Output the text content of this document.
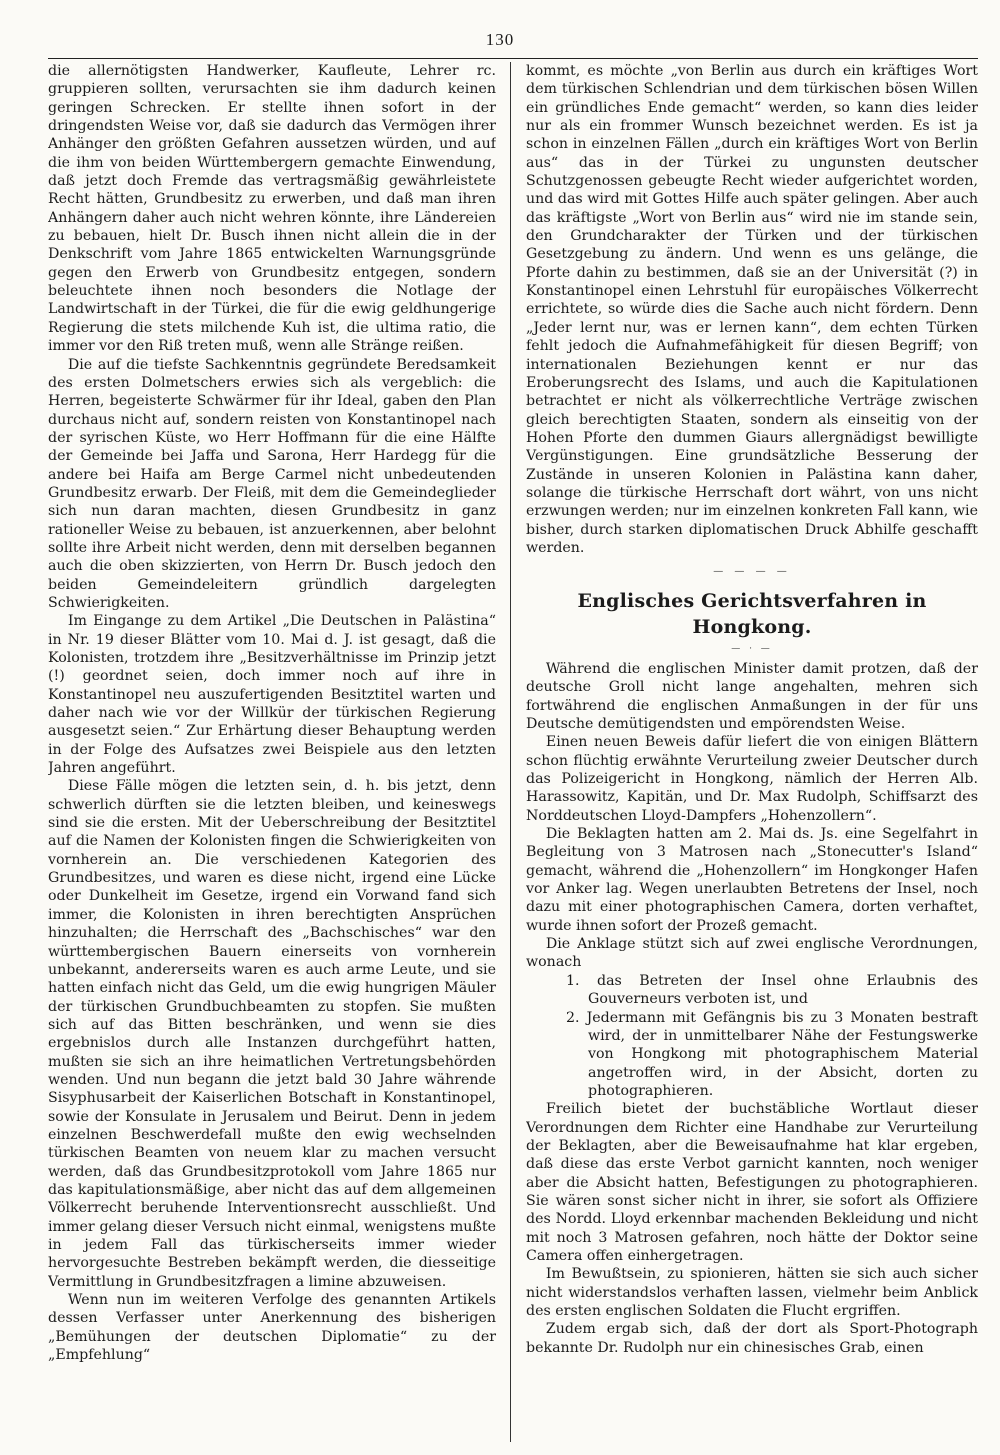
130

die allernötigsten Handwerker, Kaufleute, Lehrer rc. gruppieren sollten, verursachten sie ihm dadurch keinen geringen Schrecken. Er stellte ihnen sofort in der dringendsten Weise vor, daß sie dadurch das Vermögen ihrer Anhänger den größten Gefahren aussetzen würden, und auf die ihm von beiden Württembergern gemachte Einwendung, daß jetzt doch Fremde das vertragsmäßig gewährleistete Recht hätten, Grundbesitz zu erwerben, und daß man ihren Anhängern daher auch nicht wehren könnte, ihre Ländereien zu bebauen, hielt Dr. Busch ihnen nicht allein die in der Denkschrift vom Jahre 1865 entwickelten Warnungsgründe gegen den Erwerb von Grundbesitz entgegen, sondern beleuchtete ihnen noch besonders die Notlage der Landwirtschaft in der Türkei, die für die ewig geldhungerige Regierung die stets milchende Kuh ist, die ultima ratio, die immer vor den Riß treten muß, wenn alle Stränge reißen.

Die auf die tiefste Sachkenntnis gegründete Beredsamkeit des ersten Dolmetschers erwies sich als vergeblich: die Herren, begeisterte Schwärmer für ihr Ideal, gaben den Plan durchaus nicht auf, sondern reisten von Konstantinopel nach der syrischen Küste, wo Herr Hoffmann für die eine Hälfte der Gemeinde bei Jaffa und Sarona, Herr Hardegg für die andere bei Haifa am Berge Carmel nicht unbedeutenden Grundbesitz erwarb. Der Fleiß, mit dem die Gemeindeglieder sich nun daran machten, diesen Grundbesitz in ganz rationeller Weise zu bebauen, ist anzuerkennen, aber belohnt sollte ihre Arbeit nicht werden, denn mit derselben begannen auch die oben skizzierten, von Herrn Dr. Busch jedoch den beiden Gemeindeleitern gründlich dargelegten Schwierigkeiten.

Im Eingange zu dem Artikel „Die Deutschen in Palästina“ in Nr. 19 dieser Blätter vom 10. Mai d. J. ist gesagt, daß die Kolonisten, trotzdem ihre „Besitzverhältnisse im Prinzip jetzt (!) geordnet seien, doch immer noch auf ihre in Konstantinopel neu auszufertigenden Besitztitel warten und daher nach wie vor der Willkür der türkischen Regierung ausgesetzt seien.“ Zur Erhärtung dieser Behauptung werden in der Folge des Aufsatzes zwei Beispiele aus den letzten Jahren angeführt.

Diese Fälle mögen die letzten sein, d. h. bis jetzt, denn schwerlich dürften sie die letzten bleiben, und keineswegs sind sie die ersten. Mit der Ueberschreibung der Besitztitel auf die Namen der Kolonisten fingen die Schwierigkeiten von vornherein an. Die verschiedenen Kategorien des Grundbesitzes, und waren es diese nicht, irgend eine Lücke oder Dunkelheit im Gesetze, irgend ein Vorwand fand sich immer, die Kolonisten in ihren berechtigten Ansprüchen hinzuhalten; die Herrschaft des „Bachschisches“ war den württembergischen Bauern einerseits von vornherein unbekannt, andererseits waren es auch arme Leute, und sie hatten einfach nicht das Geld, um die ewig hungrigen Mäuler der türkischen Grundbuchbeamten zu stopfen. Sie mußten sich auf das Bitten beschränken, und wenn sie dies ergebnislos durch alle Instanzen durchgeführt hatten, mußten sie sich an ihre heimatlichen Vertretungsbehörden wenden. Und nun begann die jetzt bald 30 Jahre währende Sisyphusarbeit der Kaiserlichen Botschaft in Konstantinopel, sowie der Konsulate in Jerusalem und Beirut. Denn in jedem einzelnen Beschwerdefall mußte den ewig wechselnden türkischen Beamten von neuem klar zu machen versucht werden, daß das Grundbesitzprotokoll vom Jahre 1865 nur das kapitulationsmäßige, aber nicht das auf dem allgemeinen Völkerrecht beruhende Interventionsrecht ausschließt. Und immer gelang dieser Versuch nicht einmal, wenigstens mußte in jedem Fall das türkischerseits immer wieder hervorgesuchte Bestreben bekämpft werden, die diesseitige Vermittlung in Grundbesitzfragen a limine abzuweisen.

Wenn nun im weiteren Verfolge des genannten Artikels dessen Verfasser unter Anerkennung des bisherigen „Bemühungen der deutschen Diplomatie“ zu der „Empfehlung“

kommt, es möchte „von Berlin aus durch ein kräftiges Wort dem türkischen Schlendrian und dem türkischen bösen Willen ein gründliches Ende gemacht“ werden, so kann dies leider nur als ein frommer Wunsch bezeichnet werden. Es ist ja schon in einzelnen Fällen „durch ein kräftiges Wort von Berlin aus“ das in der Türkei zu ungunsten deutscher Schutzgenossen gebeugte Recht wieder aufgerichtet worden, und das wird mit Gottes Hilfe auch später gelingen. Aber auch das kräftigste „Wort von Berlin aus“ wird nie im stande sein, den Grundcharakter der Türken und der türkischen Gesetzgebung zu ändern. Und wenn es uns gelänge, die Pforte dahin zu bestimmen, daß sie an der Universität (?) in Konstantinopel einen Lehrstuhl für europäisches Völkerrecht errichtete, so würde dies die Sache auch nicht fördern. Denn „Jeder lernt nur, was er lernen kann“, dem echten Türken fehlt jedoch die Aufnahmefähigkeit für diesen Begriff; von internationalen Beziehungen kennt er nur das Eroberungsrecht des Islams, und auch die Kapitulationen betrachtet er nicht als völkerrechtliche Verträge zwischen gleich berechtigten Staaten, sondern als einseitig von der Hohen Pforte den dummen Giaurs allergnädigst bewilligte Vergünstigungen. Eine grundsätzliche Besserung der Zustände in unseren Kolonien in Palästina kann daher, solange die türkische Herrschaft dort währt, von uns nicht erzwungen werden; nur im einzelnen konkreten Fall kann, wie bisher, durch starken diplomatischen Druck Abhilfe geschafft werden.

— — — —
Englisches Gerichtsverfahren in Hongkong.
— · —

Während die englischen Minister damit protzen, daß der deutsche Groll nicht lange angehalten, mehren sich fortwährend die englischen Anmaßungen in der für uns Deutsche demütigendsten und empörendsten Weise.

Einen neuen Beweis dafür liefert die von einigen Blättern schon flüchtig erwähnte Verurteilung zweier Deutscher durch das Polizeigericht in Hongkong, nämlich der Herren Alb. Harassowitz, Kapitän, und Dr. Max Rudolph, Schiffsarzt des Norddeutschen Lloyd-Dampfers „Hohenzollern“.

Die Beklagten hatten am 2. Mai ds. Js. eine Segelfahrt in Begleitung von 3 Matrosen nach „Stonecutter's Island“ gemacht, während die „Hohenzollern“ im Hongkonger Hafen vor Anker lag. Wegen unerlaubten Betretens der Insel, noch dazu mit einer photographischen Camera, dorten verhaftet, wurde ihnen sofort der Prozeß gemacht.

Die Anklage stützt sich auf zwei englische Verordnungen, wonach

1. das Betreten der Insel ohne Erlaubnis des Gouverneurs verboten ist, und

2. Jedermann mit Gefängnis bis zu 3 Monaten bestraft wird, der in unmittelbarer Nähe der Festungswerke von Hongkong mit photographischem Material angetroffen wird, in der Absicht, dorten zu photographieren.

Freilich bietet der buchstäbliche Wortlaut dieser Verordnungen dem Richter eine Handhabe zur Verurteilung der Beklagten, aber die Beweisaufnahme hat klar ergeben, daß diese das erste Verbot garnicht kannten, noch weniger aber die Absicht hatten, Befestigungen zu photographieren. Sie wären sonst sicher nicht in ihrer, sie sofort als Offiziere des Nordd. Lloyd erkennbar machenden Bekleidung und nicht mit noch 3 Matrosen gefahren, noch hätte der Doktor seine Camera offen einhergetragen.

Im Bewußtsein, zu spionieren, hätten sie sich auch sicher nicht widerstandslos verhaften lassen, vielmehr beim Anblick des ersten englischen Soldaten die Flucht ergriffen.

Zudem ergab sich, daß der dort als Sport-Photograph bekannte Dr. Rudolph nur ein chinesisches Grab, einen
